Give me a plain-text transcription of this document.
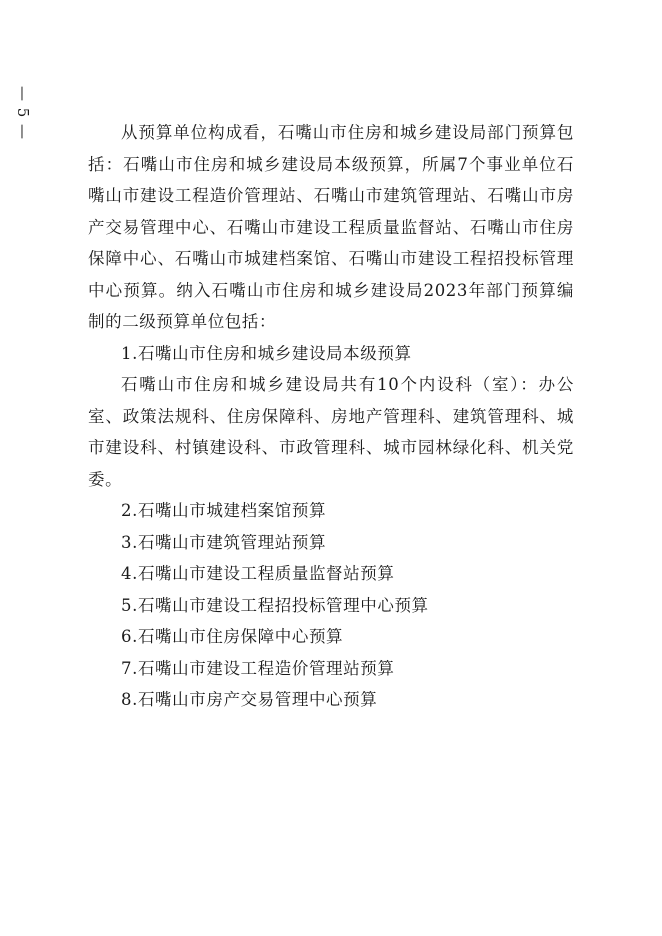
— 5 —	从预算单位构成看，石嘴山市住房和城乡建设局部门预算包括：石嘴山市住房和城乡建设局本级预算，所属7个事业单位石嘴山市建设工程造价管理站、石嘴山市建筑管理站、石嘴山市房产交易管理中心、石嘴山市建设工程质量监督站、石嘴山市住房保障中心、石嘴山市城建档案馆、石嘴山市建设工程招投标管理中心预算。纳入石嘴山市住房和城乡建设局2023年部门预算编制的二级预算单位包括：

1.石嘴山市住房和城乡建设局本级预算

石嘴山市住房和城乡建设局共有10个内设科（室）：办公室、政策法规科、住房保障科、房地产管理科、建筑管理科、城市建设科、村镇建设科、市政管理科、城市园林绿化科、机关党委。

2.石嘴山市城建档案馆预算

3.石嘴山市建筑管理站预算

4.石嘴山市建设工程质量监督站预算

5.石嘴山市建设工程招投标管理中心预算

6.石嘴山市住房保障中心预算

7.石嘴山市建设工程造价管理站预算

8.石嘴山市房产交易管理中心预算
